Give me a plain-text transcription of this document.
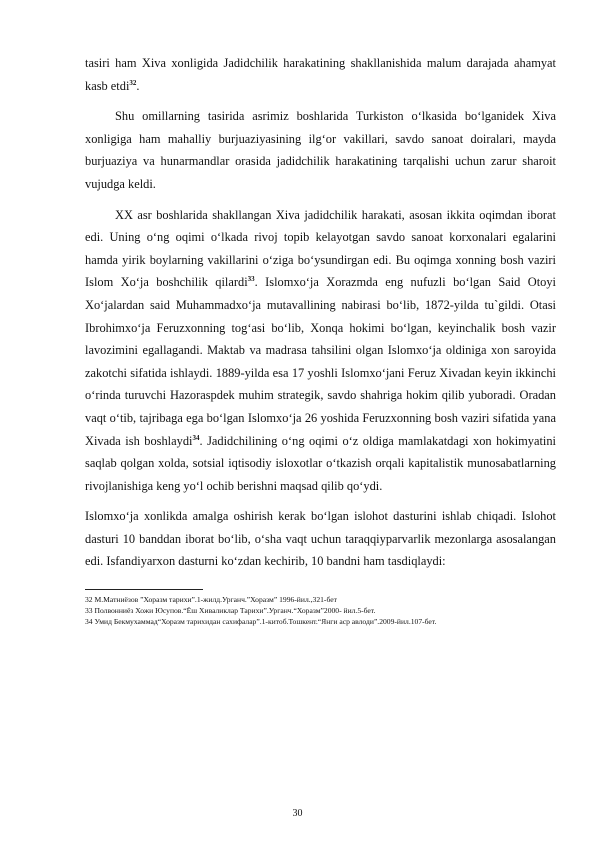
tasiri ham Xiva xonligida Jadidchilik harakatining shakllanishida malum darajada ahamyat kasb etdi$^{32}$.

Shu omillarning tasirida asrimiz boshlarida Turkiston o‘lkasida bo‘lganidek Xiva xonligiga ham mahalliy burjuaziyasining ilg‘or vakillari, savdo sanoat doiralari, mayda burjuaziya va hunarmandlar orasida jadidchilik harakatining tarqalishi uchun zarur sharoit vujudga keldi.

XX asr boshlarida shakllangan Xiva jadidchilik harakati, asosan ikkita oqimdan iborat edi. Uning o‘ng oqimi o‘lkada rivoj topib kelayotgan savdo sanoat korxonalari egalarini hamda yirik boylarning vakillarini o‘ziga bo‘ysundirgan edi. Bu oqimga xonning bosh vaziri Islom Xo‘ja boshchilik qilardi$^{33}$. Islomxo‘ja Xorazmda eng nufuzli bo‘lgan Said Otoyi Xo‘jalardan said Muhammadxo‘ja mutavallining nabirasi bo‘lib, 1872-yilda tu`gildi. Otasi Ibrohimxo‘ja Feruzxonning tog‘asi bo‘lib, Xonqa hokimi bo‘lgan, keyinchalik bosh vazir lavozimini egallagandi. Maktab va madrasa tahsilini olgan Islomxo‘ja oldiniga xon saroyida zakotchi sifatida ishlaydi. 1889-yilda esa 17 yoshli Islomxo‘jani Feruz Xivadan keyin ikkinchi o‘rinda turuvchi Hazoraspdek muhim strategik, savdo shahriga hokim qilib yuboradi. Oradan vaqt o‘tib, tajribaga ega bo‘lgan Islomxo‘ja 26 yoshida Feruzxonning bosh vaziri sifatida yana Xivada ish boshlaydi$^{34}$. Jadidchilining o‘ng oqimi o‘z oldiga mamlakatdagi xon hokimyatini saqlab qolgan xolda, sotsial iqtisodiy isloxotlar o‘tkazish orqali kapitalistik munosabatlarning rivojlanishiga keng yo‘l ochib berishni maqsad qilib qo‘ydi.

Islomxo‘ja xonlikda amalga oshirish kerak bo‘lgan islohot dasturini ishlab chiqadi. Islohot dasturi 10 banddan iborat bo‘lib, o‘sha vaqt uchun taraqqiyparvarlik mezonlarga asosalangan edi. Isfandiyarxon dasturni ko‘zdan kechirib, 10 bandni ham tasdiqlaydi:

32 М.Матниёзов ”Хоразм тарихи”.1-жилд.Урганч.”Хоразм” 1996-йил.,321-бет

33 Полвонниёз Хожи Юсупов.“Ёш Хиваликлар Тарихи”.Урганч.“Хоразм”2000- йил.5-бет.

34 Умид Бекмухаммад“Хоразм тарихидан сахифалар”.1-китоб.Тошкент.“Янги аср авлоди”.2009-йил.107-бет.

30
